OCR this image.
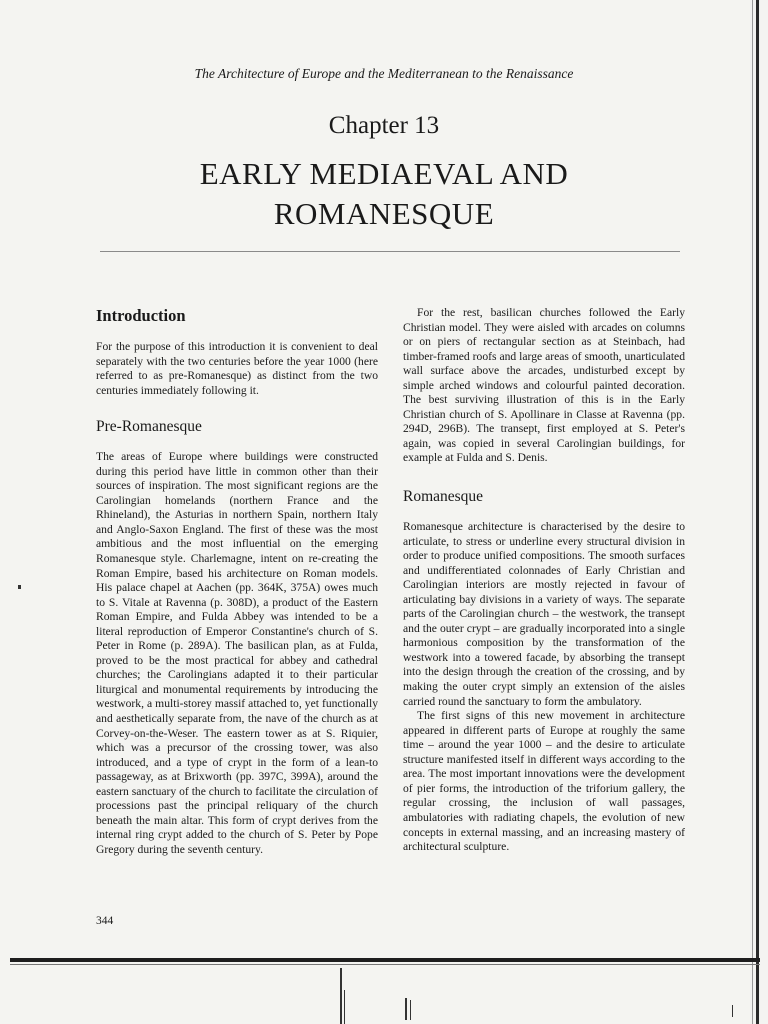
The Architecture of Europe and the Mediterranean to the Renaissance
Chapter 13
EARLY MEDIAEVAL AND
ROMANESQUE
Introduction

For the purpose of this introduction it is convenient to deal separately with the two centuries before the year 1000 (here referred to as pre-Romanesque) as distinct from the two centuries immediately following it.

Pre-Romanesque

The areas of Europe where buildings were constructed during this period have little in common other than their sources of inspiration. The most significant regions are the Carolingian homelands (northern France and the Rhineland), the Asturias in northern Spain, northern Italy and Anglo-Saxon England. The first of these was the most ambitious and the most influential on the emerging Romanesque style. Charlemagne, intent on re-creating the Roman Empire, based his architecture on Roman models. His palace chapel at Aachen (pp. 364K, 375A) owes much to S. Vitale at Ravenna (p. 308D), a product of the Eastern Roman Empire, and Fulda Abbey was intended to be a literal reproduction of Emperor Constantine's church of S. Peter in Rome (p. 289A). The basilican plan, as at Fulda, proved to be the most practical for abbey and cathedral churches; the Carolingians adapted it to their particular liturgical and monumental requirements by introducing the westwork, a multi-storey massif attached to, yet functionally and aesthetically separate from, the nave of the church as at Corvey-on-the-Weser. The eastern tower as at S. Riquier, which was a precursor of the crossing tower, was also introduced, and a type of crypt in the form of a lean-to passageway, as at Brixworth (pp. 397C, 399A), around the eastern sanctuary of the church to facilitate the circulation of processions past the principal reliquary of the church beneath the main altar. This form of crypt derives from the internal ring crypt added to the church of S. Peter by Pope Gregory during the seventh century.

For the rest, basilican churches followed the Early Christian model. They were aisled with arcades on columns or on piers of rectangular section as at Steinbach, had timber-framed roofs and large areas of smooth, unarticulated wall surface above the arcades, undisturbed except by simple arched windows and colourful painted decoration. The best surviving illustration of this is in the Early Christian church of S. Apollinare in Classe at Ravenna (pp. 294D, 296B). The transept, first employed at S. Peter's again, was copied in several Carolingian buildings, for example at Fulda and S. Denis.

Romanesque

Romanesque architecture is characterised by the desire to articulate, to stress or underline every structural division in order to produce unified compositions. The smooth surfaces and undifferentiated colonnades of Early Christian and Carolingian interiors are mostly rejected in favour of articulating bay divisions in a variety of ways. The separate parts of the Carolingian church – the westwork, the transept and the outer crypt – are gradually incorporated into a single harmonious composition by the transformation of the westwork into a towered facade, by absorbing the transept into the design through the creation of the crossing, and by making the outer crypt simply an extension of the aisles carried round the sanctuary to form the ambulatory.

The first signs of this new movement in architecture appeared in different parts of Europe at roughly the same time – around the year 1000 – and the desire to articulate structure manifested itself in different ways according to the area. The most important innovations were the development of pier forms, the introduction of the triforium gallery, the regular crossing, the inclusion of wall passages, ambulatories with radiating chapels, the evolution of new concepts in external massing, and an increasing mastery of architectural sculpture.

344
